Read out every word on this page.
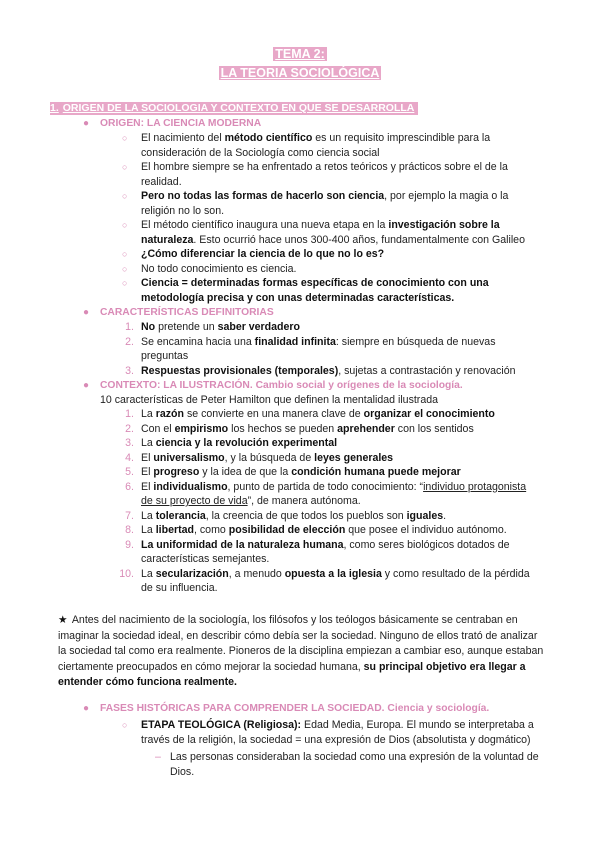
TEMA 2:
LA TEORIA SOCIOLÓGICA
1. ORIGEN DE LA SOCIOLOGIA Y CONTEXTO EN QUE SE DESARROLLA
● ORIGEN: LA CIENCIA MODERNA
○ El nacimiento del método científico es un requisito imprescindible para la consideración de la Sociología como ciencia social
○ El hombre siempre se ha enfrentado a retos teóricos y prácticos sobre el de la realidad.
○ Pero no todas las formas de hacerlo son ciencia, por ejemplo la magia o la religión no lo son.
○ El método científico inaugura una nueva etapa en la investigación sobre la naturaleza. Esto ocurrió hace unos 300-400 años, fundamentalmente con Galileo
○ ¿Cómo diferenciar la ciencia de lo que no lo es?
○ No todo conocimiento es ciencia.
○ Ciencia = determinadas formas específicas de conocimiento con una metodología precisa y con unas determinadas características.
● CARACTERÍSTICAS DEFINITORIAS
1. No pretende un saber verdadero
2. Se encamina hacia una finalidad infinita: siempre en búsqueda de nuevas preguntas
3. Respuestas provisionales (temporales), sujetas a contrastación y renovación
● CONTEXTO: LA ILUSTRACIÓN. Cambio social y orígenes de la sociología.
10 características de Peter Hamilton que definen la mentalidad ilustrada
1. La razón se convierte en una manera clave de organizar el conocimiento
2. Con el empirismo los hechos se pueden aprehender con los sentidos
3. La ciencia y la revolución experimental
4. El universalismo, y la búsqueda de leyes generales
5. El progreso y la idea de que la condición humana puede mejorar
6. El individualismo, punto de partida de todo conocimiento: “individuo protagonista de su proyecto de vida”, de manera autónoma.
7. La tolerancia, la creencia de que todos los pueblos son iguales.
8. La libertad, como posibilidad de elección que posee el individuo autónomo.
9. La uniformidad de la naturaleza humana, como seres biológicos dotados de características semejantes.
10. La secularización, a menudo opuesta a la iglesia y como resultado de la pérdida de su influencia.
★ Antes del nacimiento de la sociología, los filósofos y los teólogos básicamente se centraban en imaginar la sociedad ideal, en describir cómo debía ser la sociedad. Ninguno de ellos trató de analizar la sociedad tal como era realmente. Pioneros de la disciplina empiezan a cambiar eso, aunque estaban ciertamente preocupados en cómo mejorar la sociedad humana, su principal objetivo era llegar a entender cómo funciona realmente.
● FASES HISTÓRICAS PARA COMPRENDER LA SOCIEDAD. Ciencia y sociología.
○ ETAPA TEOLÓGICA (Religiosa): Edad Media, Europa. El mundo se interpretaba a través de la religión, la sociedad = una expresión de Dios (absolutista y dogmático)
– Las personas consideraban la sociedad como una expresión de la voluntad de Dios.
